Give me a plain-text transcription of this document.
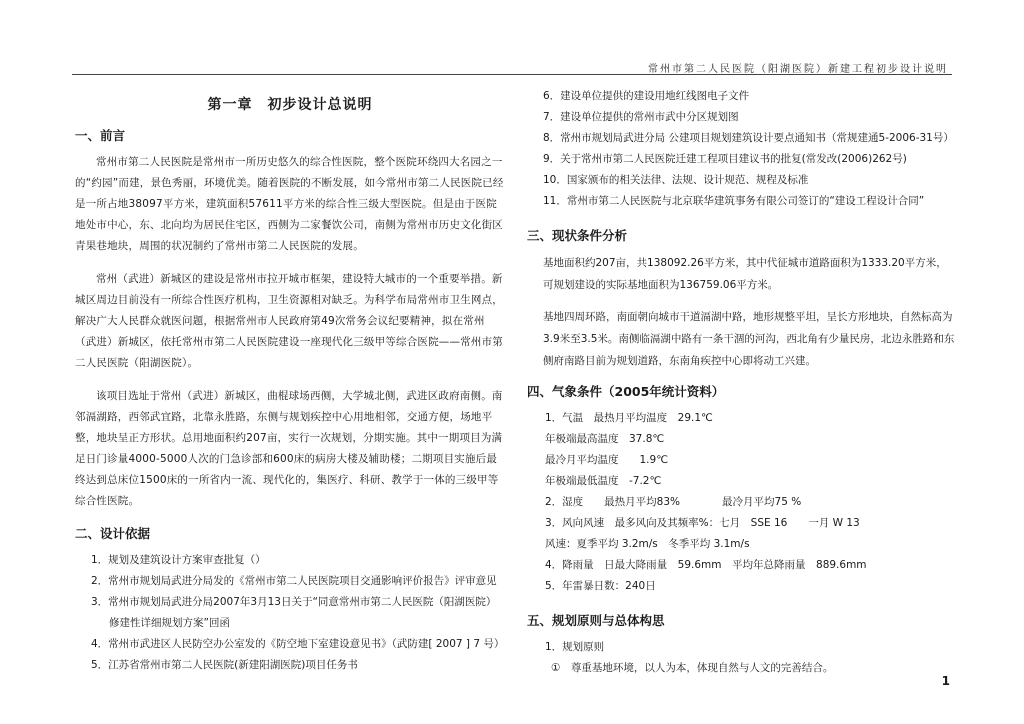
常州市第二人民医院（阳湖医院）新建工程初步设计说明
第一章　初步设计总说明
一、前言

常州市第二人民医院是常州市一所历史悠久的综合性医院，整个医院环绕四大名园之一的“约园”而建，景色秀丽，环境优美。随着医院的不断发展，如今常州市第二人民医院已经是一所占地38097平方米，建筑面积57611平方米的综合性三级大型医院。但是由于医院地处市中心，东、北向均为居民住宅区，西侧为二家餐饮公司，南侧为常州市历史文化街区青果巷地块，周围的状况制约了常州市第二人民医院的发展。

常州（武进）新城区的建设是常州市拉开城市框架，建设特大城市的一个重要举措。新城区周边目前没有一所综合性医疗机构，卫生资源相对缺乏。为科学布局常州市卫生网点，解决广大人民群众就医问题，根据常州市人民政府第49次常务会议纪要精神，拟在常州（武进）新城区，依托常州市第二人民医院建设一座现代化三级甲等综合医院——常州市第二人民医院（阳湖医院）。

该项目选址于常州（武进）新城区，曲棍球场西侧，大学城北侧，武进区政府南侧。南邻滆湖路，西邻武宜路，北靠永胜路，东侧与规划疾控中心用地相邻，交通方便，场地平整，地块呈正方形状。总用地面积约207亩，实行一次规划，分期实施。其中一期项目为满足日门诊量4000-5000人次的门急诊部和600床的病房大楼及辅助楼；二期项目实施后最终达到总床位1500床的一所省内一流、现代化的，集医疗、科研、教学于一体的三级甲等综合性医院。

二、设计依据
1．规划及建筑设计方案审查批复（）
2．常州市规划局武进分局发的《常州市第二人民医院项目交通影响评价报告》评审意见
3．常州市规划局武进分局2007年3月13日关于“同意常州市第二人民医院（阳湖医院）
修建性详细规划方案”回函
4．常州市武进区人民防空办公室发的《防空地下室建设意见书》（武防建[ 2007 ] 7 号）
5．江苏省常州市第二人民医院(新建阳湖医院)项目任务书
6．建设单位提供的建设用地红线图电子文件
7．建设单位提供的常州市武中分区规划图
8．常州市规划局武进分局 公建项目规划建筑设计要点通知书（常规建通5-2006-31号）
9．关于常州市第二人民医院迁建工程项目建议书的批复(常发改(2006)262号)
10．国家颁布的相关法律、法规、设计规范、规程及标准
11．常州市第二人民医院与北京联华建筑事务有限公司签订的“建设工程设计合同”
三、现状条件分析

基地面积约207亩，共138092.26平方米，其中代征城市道路面积为1333.20平方米，可规划建设的实际基地面积为136759.06平方米。

基地四周环路，南面朝向城市干道滆湖中路，地形规整平坦，呈长方形地块，自然标高为3.9米至3.5米。南侧临滆湖中路有一条干涸的河沟，西北角有少量民房，北边永胜路和东侧府南路目前为规划道路，东南角疾控中心即将动工兴建。

四、气象条件（2005年统计资料）
1．气温　最热月平均温度　29.1℃
年极端最高温度　37.8℃
最冷月平均温度　　1.9℃
年极端最低温度　-7.2℃
2．湿度　　最热月平均83%　　　　最冷月平均75 %
3．风向风速　最多风向及其频率%：七月　SSE 16　　一月 W 13
风速：夏季平均 3.2m/s　冬季平均 3.1m/s
4．降雨量　日最大降雨量　59.6mm　平均年总降雨量　889.6mm
5．年雷暴日数：240日
五、规划原则与总体构思
1．规划原则
①　尊重基地环境，以人为本，体现自然与人文的完善结合。
1
